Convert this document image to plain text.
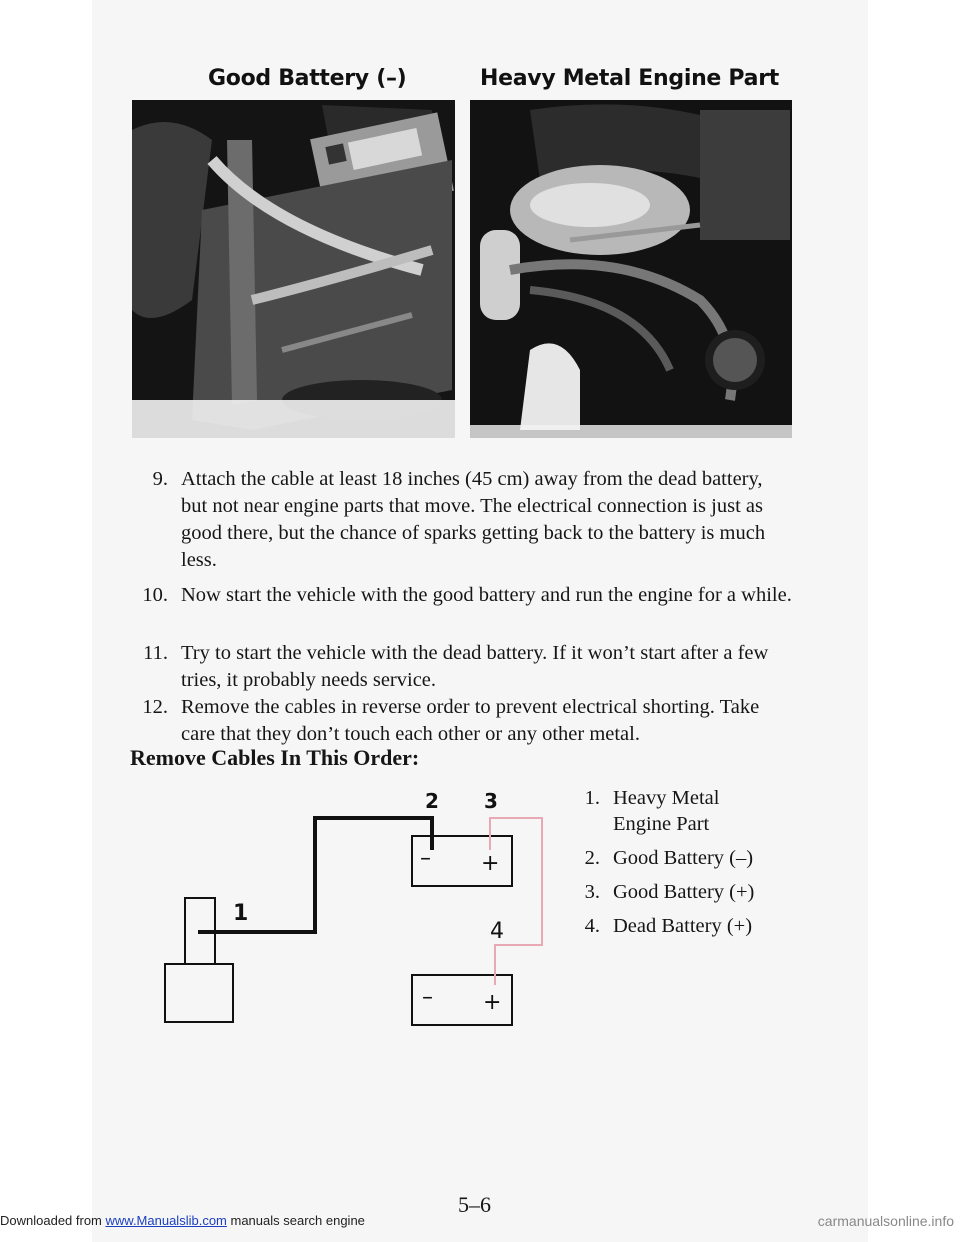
Good Battery (–)	Heavy Metal Engine Part
9. Attach the cable at least 18 inches (45 cm) away from the dead battery, but not near engine parts that move. The electrical connection is just as good there, but the chance of sparks getting back to the battery is much less.
10. Now start the vehicle with the good battery and run the engine for a while.
11. Try to start the vehicle with the dead battery. If it won’t start after a few tries, it probably needs service.
12. Remove the cables in reverse order to prevent electrical shorting. Take care that they don’t touch each other or any other metal.
Remove Cables In This Order:
1
2 3
4
– +
– +
1. Heavy Metal Engine Part
2. Good Battery (–)
3. Good Battery (+)
4. Dead Battery (+)
5–6
Downloaded from www.Manualslib.com manuals search engine	carmanualsonline.info
